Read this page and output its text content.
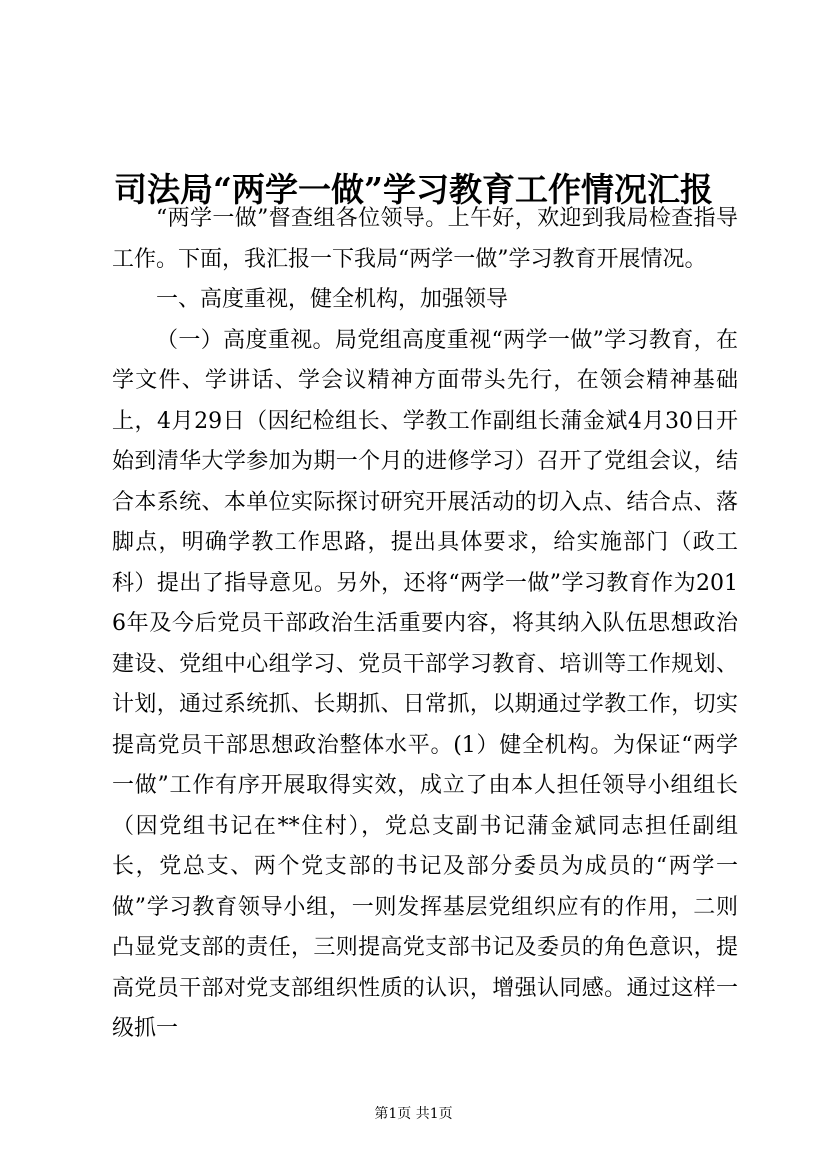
司法局“两学一做”学习教育工作情况汇报

“两学一做”督查组各位领导。上午好，欢迎到我局检查指导工作。下面，我汇报一下我局“两学一做”学习教育开展情况。

一、高度重视，健全机构，加强领导

（一）高度重视。局党组高度重视“两学一做”学习教育，在学文件、学讲话、学会议精神方面带头先行，在领会精神基础上，4月29日（因纪检组长、学教工作副组长蒲金斌4月30日开始到清华大学参加为期一个月的进修学习）召开了党组会议，结合本系统、本单位实际探讨研究开展活动的切入点、结合点、落脚点，明确学教工作思路，提出具体要求，给实施部门（政工科）提出了指导意见。另外，还将“两学一做”学习教育作为2016年及今后党员干部政治生活重要内容，将其纳入队伍思想政治建设、党组中心组学习、党员干部学习教育、培训等工作规划、计划，通过系统抓、长期抓、日常抓，以期通过学教工作，切实提高党员干部思想政治整体水平。(1）健全机构。为保证“两学一做”工作有序开展取得实效，成立了由本人担任领导小组组长（因党组书记在**住村），党总支副书记蒲金斌同志担任副组长，党总支、两个党支部的书记及部分委员为成员的“两学一做”学习教育领导小组，一则发挥基层党组织应有的作用，二则凸显党支部的责任，三则提高党支部书记及委员的角色意识，提高党员干部对党支部组织性质的认识，增强认同感。通过这样一级抓一

第1页 共1页
